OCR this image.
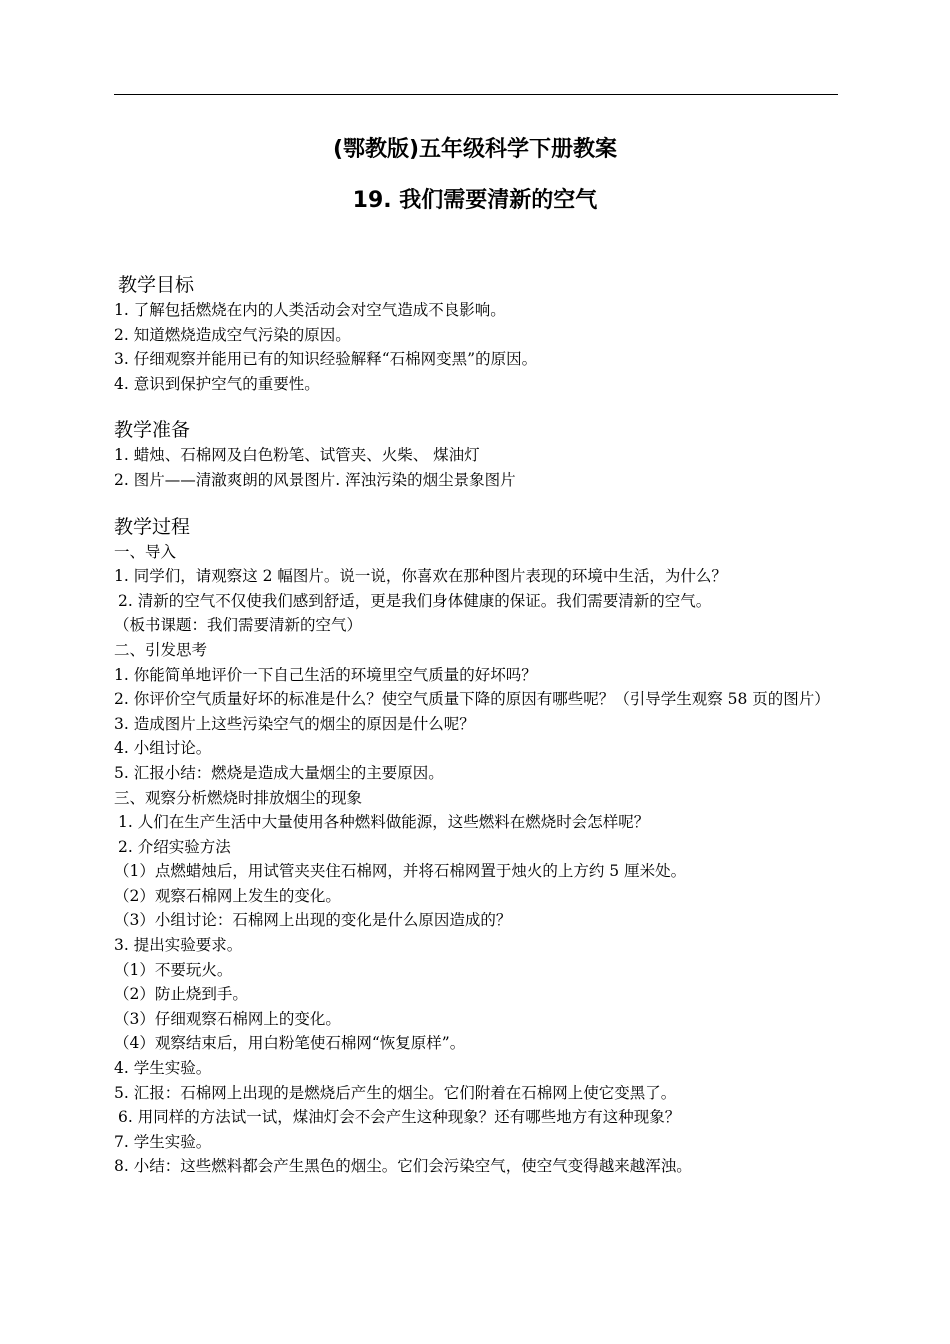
(鄂教版)五年级科学下册教案
19. 我们需要清新的空气
教学目标
1. 了解包括燃烧在内的人类活动会对空气造成不良影响。
2. 知道燃烧造成空气污染的原因。
3. 仔细观察并能用已有的知识经验解释“石棉网变黑”的原因。
4. 意识到保护空气的重要性。
教学准备
1. 蜡烛、石棉网及白色粉笔、试管夹、火柴、 煤油灯
2. 图片——清澈爽朗的风景图片. 浑浊污染的烟尘景象图片
教学过程
一、导入
1. 同学们，请观察这 2 幅图片。说一说，你喜欢在那种图片表现的环境中生活，为什么？
2. 清新的空气不仅使我们感到舒适，更是我们身体健康的保证。我们需要清新的空气。
（板书课题：我们需要清新的空气）
二、引发思考
1. 你能简单地评价一下自己生活的环境里空气质量的好坏吗？
2. 你评价空气质量好坏的标准是什么？使空气质量下降的原因有哪些呢？（引导学生观察 58 页的图片）
3. 造成图片上这些污染空气的烟尘的原因是什么呢？
4. 小组讨论。
5. 汇报小结：燃烧是造成大量烟尘的主要原因。
三、观察分析燃烧时排放烟尘的现象
1. 人们在生产生活中大量使用各种燃料做能源，这些燃料在燃烧时会怎样呢？
2. 介绍实验方法
（1）点燃蜡烛后，用试管夹夹住石棉网，并将石棉网置于烛火的上方约 5 厘米处。
（2）观察石棉网上发生的变化。
（3）小组讨论：石棉网上出现的变化是什么原因造成的？
3. 提出实验要求。
（1）不要玩火。
（2）防止烧到手。
（3）仔细观察石棉网上的变化。
（4）观察结束后，用白粉笔使石棉网“恢复原样”。
4. 学生实验。
5. 汇报：石棉网上出现的是燃烧后产生的烟尘。它们附着在石棉网上使它变黑了。
6. 用同样的方法试一试，煤油灯会不会产生这种现象？还有哪些地方有这种现象？
7. 学生实验。
8. 小结：这些燃料都会产生黑色的烟尘。它们会污染空气，使空气变得越来越浑浊。
